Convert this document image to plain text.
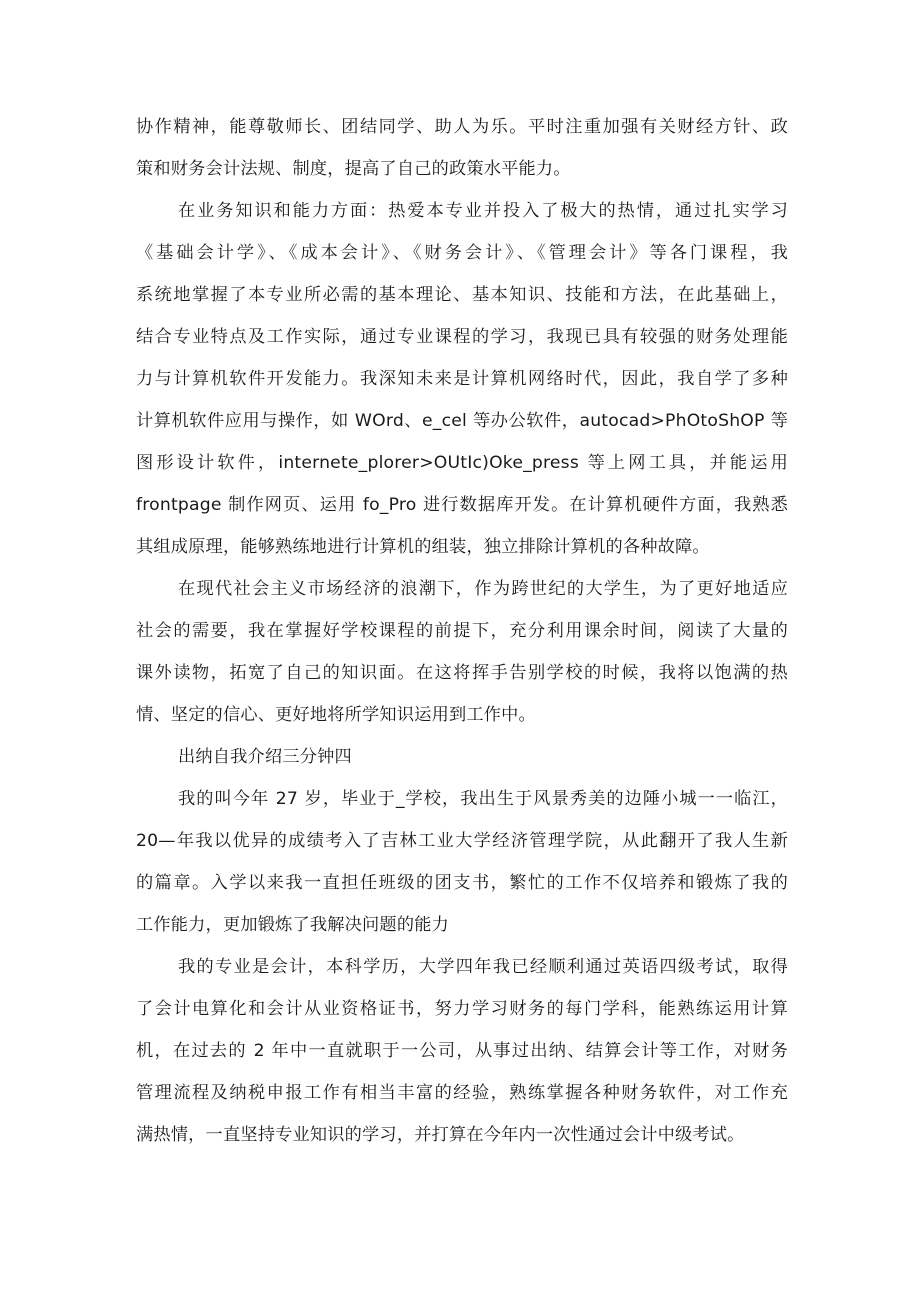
协作精神，能尊敬师长、团结同学、助人为乐。平时注重加强有关财经方针、政
策和财务会计法规、制度，提高了自己的政策水平能力。
在业务知识和能力方面：热爱本专业并投入了极大的热情，通过扎实学习
《基础会计学》、《成本会计》、《财务会计》、《管理会计》等各门课程，我
系统地掌握了本专业所必需的基本理论、基本知识、技能和方法，在此基础上，
结合专业特点及工作实际，通过专业课程的学习，我现已具有较强的财务处理能
力与计算机软件开发能力。我深知未来是计算机网络时代，因此，我自学了多种
计算机软件应用与操作，如 WOrd、e_cel 等办公软件，autocad>PhOtoShOP 等
图形设计软件，internete_plorer>OUtIc)Oke_press 等上网工具，并能运用
frontpage 制作网页、运用 fo_Pro 进行数据库开发。在计算机硬件方面，我熟悉
其组成原理，能够熟练地进行计算机的组装，独立排除计算机的各种故障。
在现代社会主义市场经济的浪潮下，作为跨世纪的大学生，为了更好地适应
社会的需要，我在掌握好学校课程的前提下，充分利用课余时间，阅读了大量的
课外读物，拓宽了自己的知识面。在这将挥手告别学校的时候，我将以饱满的热
情、坚定的信心、更好地将所学知识运用到工作中。
出纳自我介绍三分钟四
我的叫今年 27 岁，毕业于_学校，我出生于风景秀美的边陲小城一一临江，
20—年我以优异的成绩考入了吉林工业大学经济管理学院，从此翻开了我人生新
的篇章。入学以来我一直担任班级的团支书，繁忙的工作不仅培养和锻炼了我的
工作能力，更加锻炼了我解决问题的能力
我的专业是会计，本科学历，大学四年我已经顺利通过英语四级考试，取得
了会计电算化和会计从业资格证书，努力学习财务的每门学科，能熟练运用计算
机，在过去的 2 年中一直就职于一公司，从事过出纳、结算会计等工作，对财务
管理流程及纳税申报工作有相当丰富的经验，熟练掌握各种财务软件，对工作充
满热情，一直坚持专业知识的学习，并打算在今年内一次性通过会计中级考试。
